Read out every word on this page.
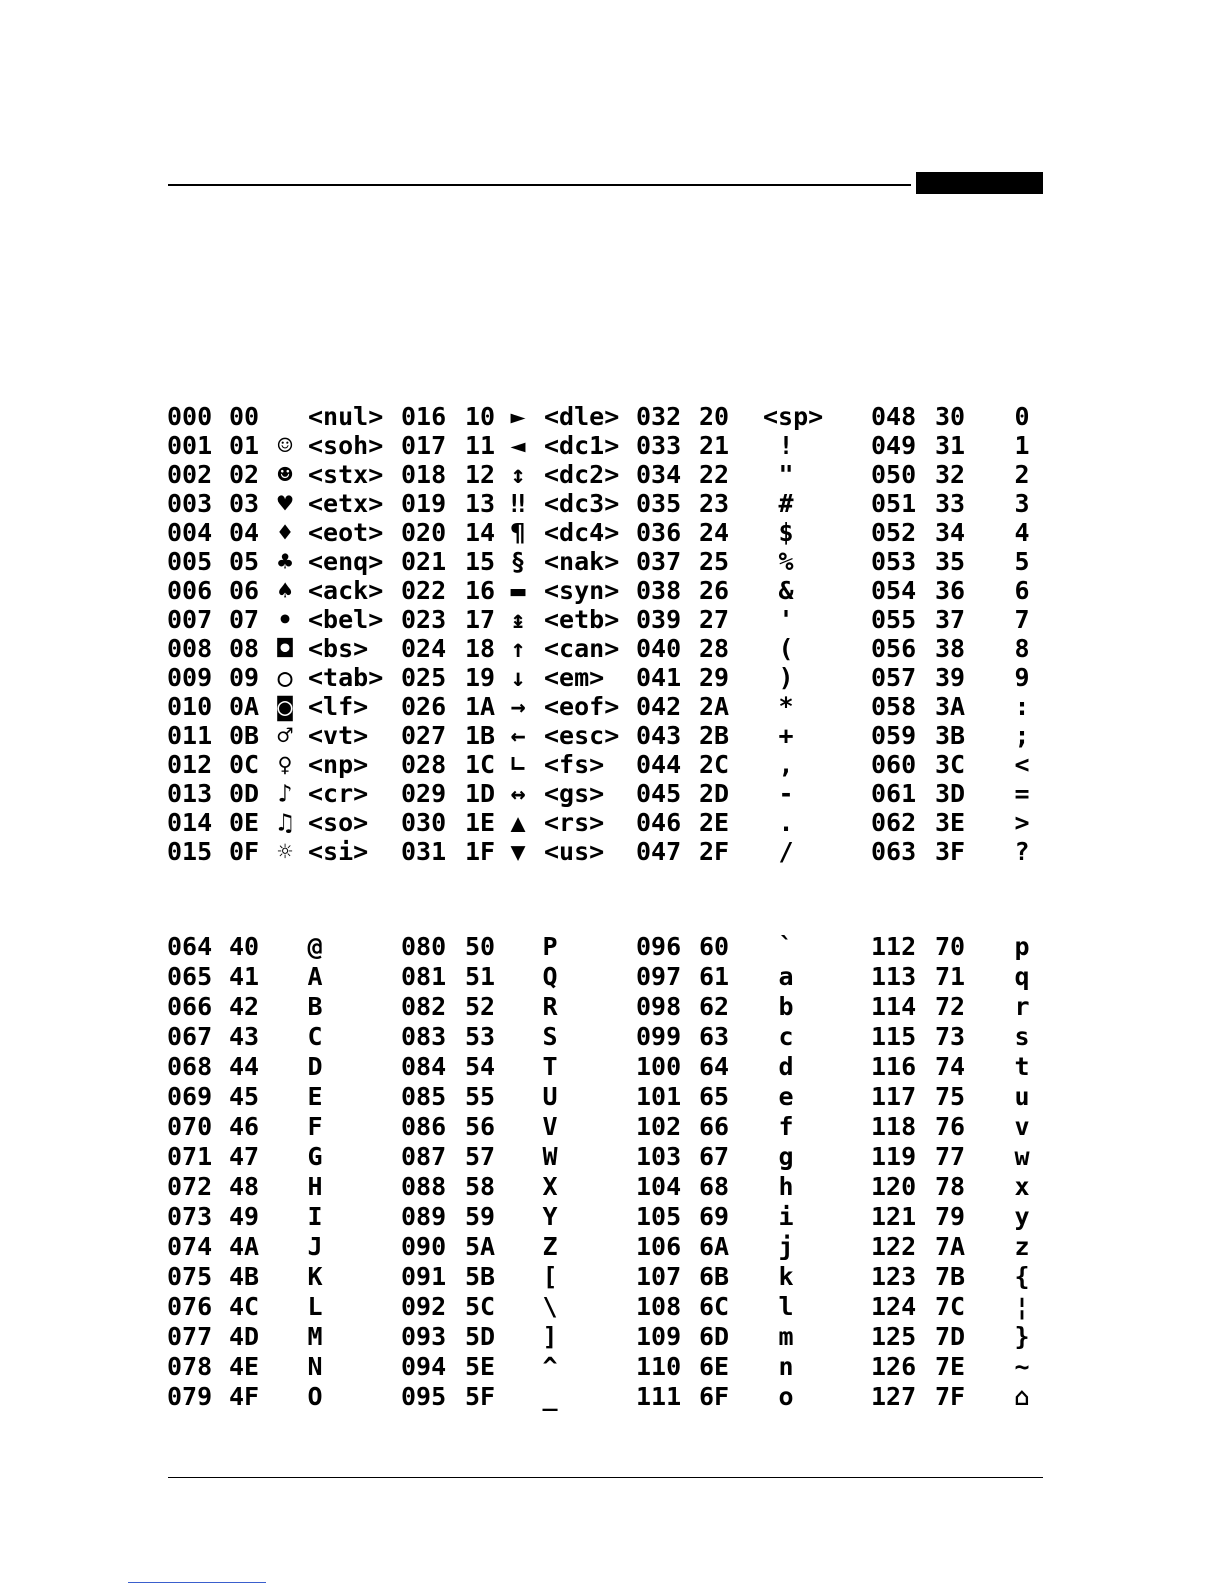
000 00 <nul> 016 10 ► <dle> 032 20 <sp> 048 30 0
001 01 ☺ <soh> 017 11 ◄ <dc1> 033 21 !	049 31 1
002 02 ☻ <stx> 018 12 ↕ <dc2> 034 22 "	050 32 2
003 03 ♥ <etx> 019 13 ‼ <dc3> 035 23 #	051 33 3
004 04 ♦ <eot> 020 14 ¶ <dc4> 036 24 $	052 34 4
005 05 ♣ <enq> 021 15 § <nak> 037 25 %	053 35 5
006 06 ♠ <ack> 022 16 ▬ <syn> 038 26 &	054 36 6
007 07 • <bel> 023 17 ↨ <etb> 039 27 '	055 37 7
008 08 ◘ <bs> 024 18 ↑ <can> 040 28 (	056 38 8
009 09 ○ <tab> 025 19 ↓ <em> 041 29 )	057 39 9
010 0A ◙ <lf> 026 1A → <eof> 042 2A *	058 3A :
011 0B ♂ <vt> 027 1B ← <esc> 043 2B +	059 3B ;
012 0C ♀ <np> 028 1C ∟ <fs> 044 2C ,	060 3C <
013 0D ♪ <cr> 029 1D ↔ <gs> 045 2D -	061 3D =
014 0E ♫ <so> 030 1E ▲ <rs> 046 2E .	062 3E >
015 0F ☼ <si> 031 1F ▼ <us> 047 2F /	063 3F ?
064 40 @	080 50 P	096 60 `	112 70 p
065 41 A	081 51 Q	097 61 a	113 71 q
066 42 B	082 52 R	098 62 b	114 72 r
067 43 C	083 53 S	099 63 c	115 73 s
068 44 D	084 54 T	100 64 d	116 74 t
069 45 E	085 55 U	101 65 e	117 75 u
070 46 F	086 56 V	102 66 f	118 76 v
071 47 G	087 57 W	103 67 g	119 77 w
072 48 H	088 58 X	104 68 h	120 78 x
073 49 I	089 59 Y	105 69 i	121 79 y
074 4A J	090 5A Z	106 6A j	122 7A z
075 4B K	091 5B [	107 6B k	123 7B {
076 4C L	092 5C \	108 6C l	124 7C ¦
077 4D M	093 5D ]	109 6D m	125 7D }
078 4E N	094 5E ^	110 6E n	126 7E ~
079 4F O	095 5F _	111 6F o	127 7F ⌂
